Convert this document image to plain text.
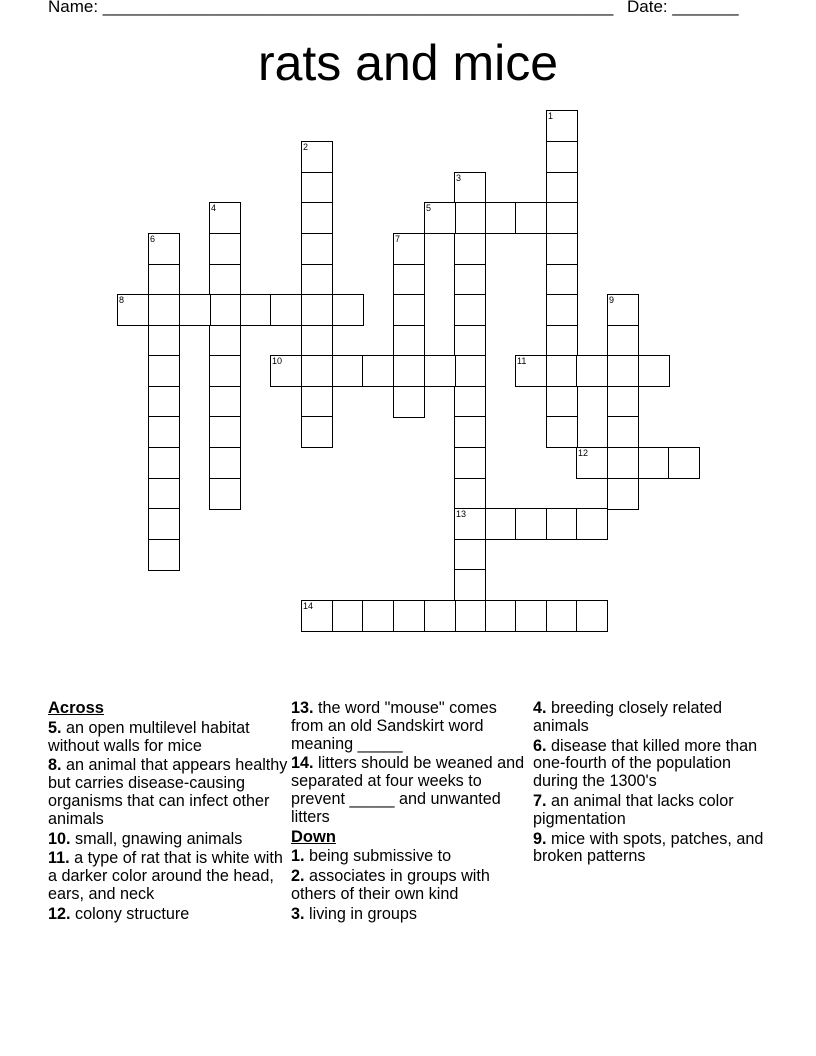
Name: ______________________________________________________ Date: _______
rats and mice
1
2
3
4	5
6	7
8	9
10	11
12
13
14
Across
5. an open multilevel habitat without walls for mice
8. an animal that appears healthy but carries disease-causing organisms that can infect other animals
10. small, gnawing animals
11. a type of rat that is white with a darker color around the head, ears, and neck
12. colony structure
13. the word "mouse" comes from an old Sandskirt word meaning _____
14. litters should be weaned and separated at four weeks to prevent _____ and unwanted litters
Down
1. being submissive to
2. associates in groups with others of their own kind
3. living in groups
4. breeding closely related animals
6. disease that killed more than one-fourth of the population during the 1300's
7. an animal that lacks color pigmentation
9. mice with spots, patches, and broken patterns
